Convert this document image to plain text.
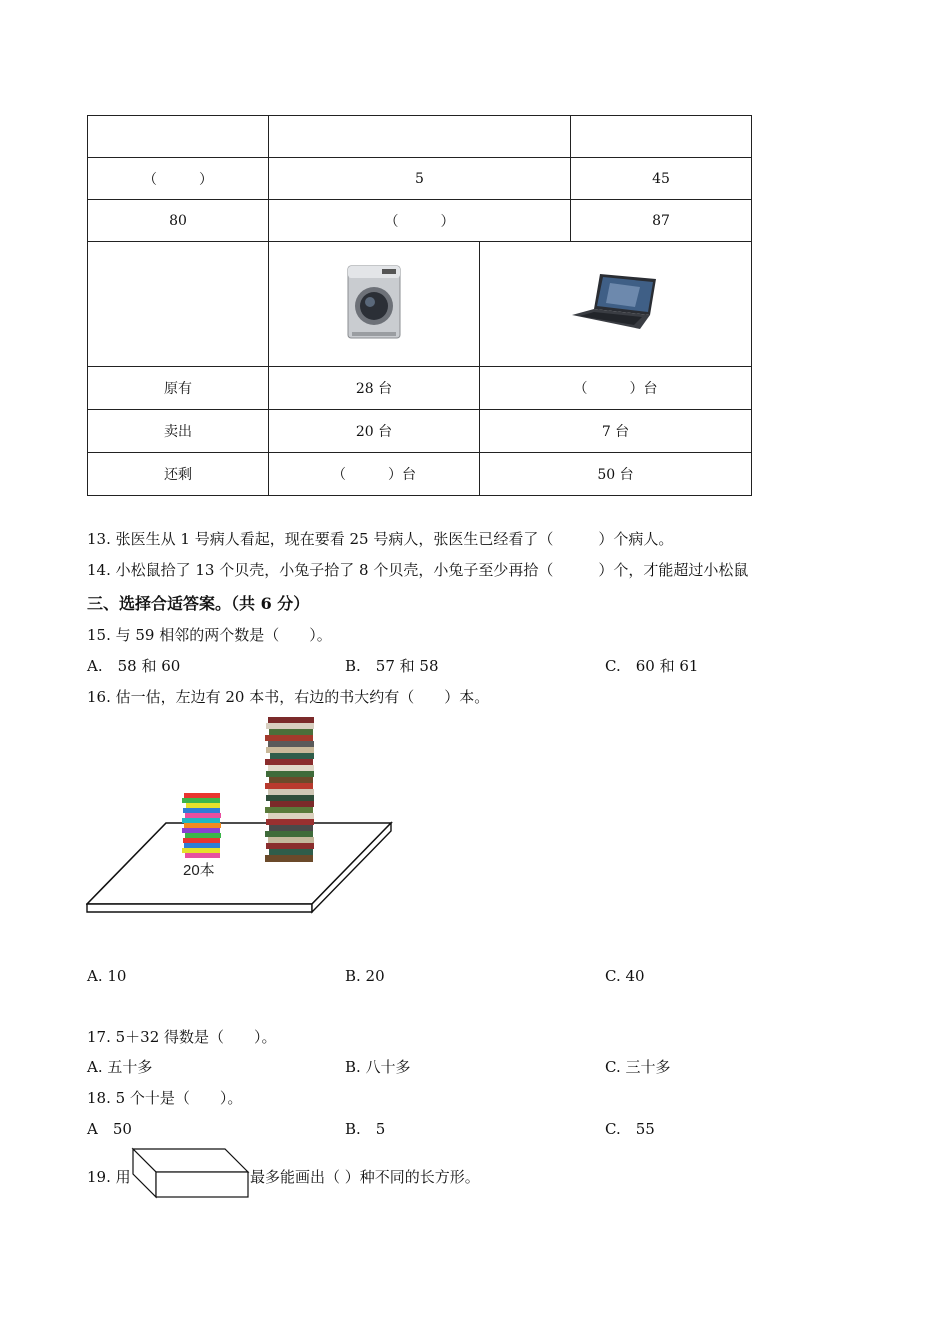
（　　　）	5	45
80	（　　　）	87

原有	28 台	（　　　）台
卖出	20 台	7 台
还剩	（　　　）台	50 台
13. 张医生从 1 号病人看起，现在要看 25 号病人，张医生已经看了（　　　）个病人。
14. 小松鼠拾了 13 个贝壳，小兔子拾了 8 个贝壳，小兔子至少再拾（　　　）个，才能超过小松鼠
三、选择合适答案。（共 6 分）
15. 与 59 相邻的两个数是（　　）。
A.　58 和 60	B.　57 和 58	C.　60 和 61
16. 估一估，左边有 20 本书，右边的书大约有（　　）本。
20本
A. 10	B. 20	C. 40
17. 5＋32 得数是（　　）。
A. 五十多	B. 八十多	C. 三十多
18. 5 个十是（　　）。
A　50	B.　5	C.　55
19. 用	最多能画出（ ）种不同的长方形。
